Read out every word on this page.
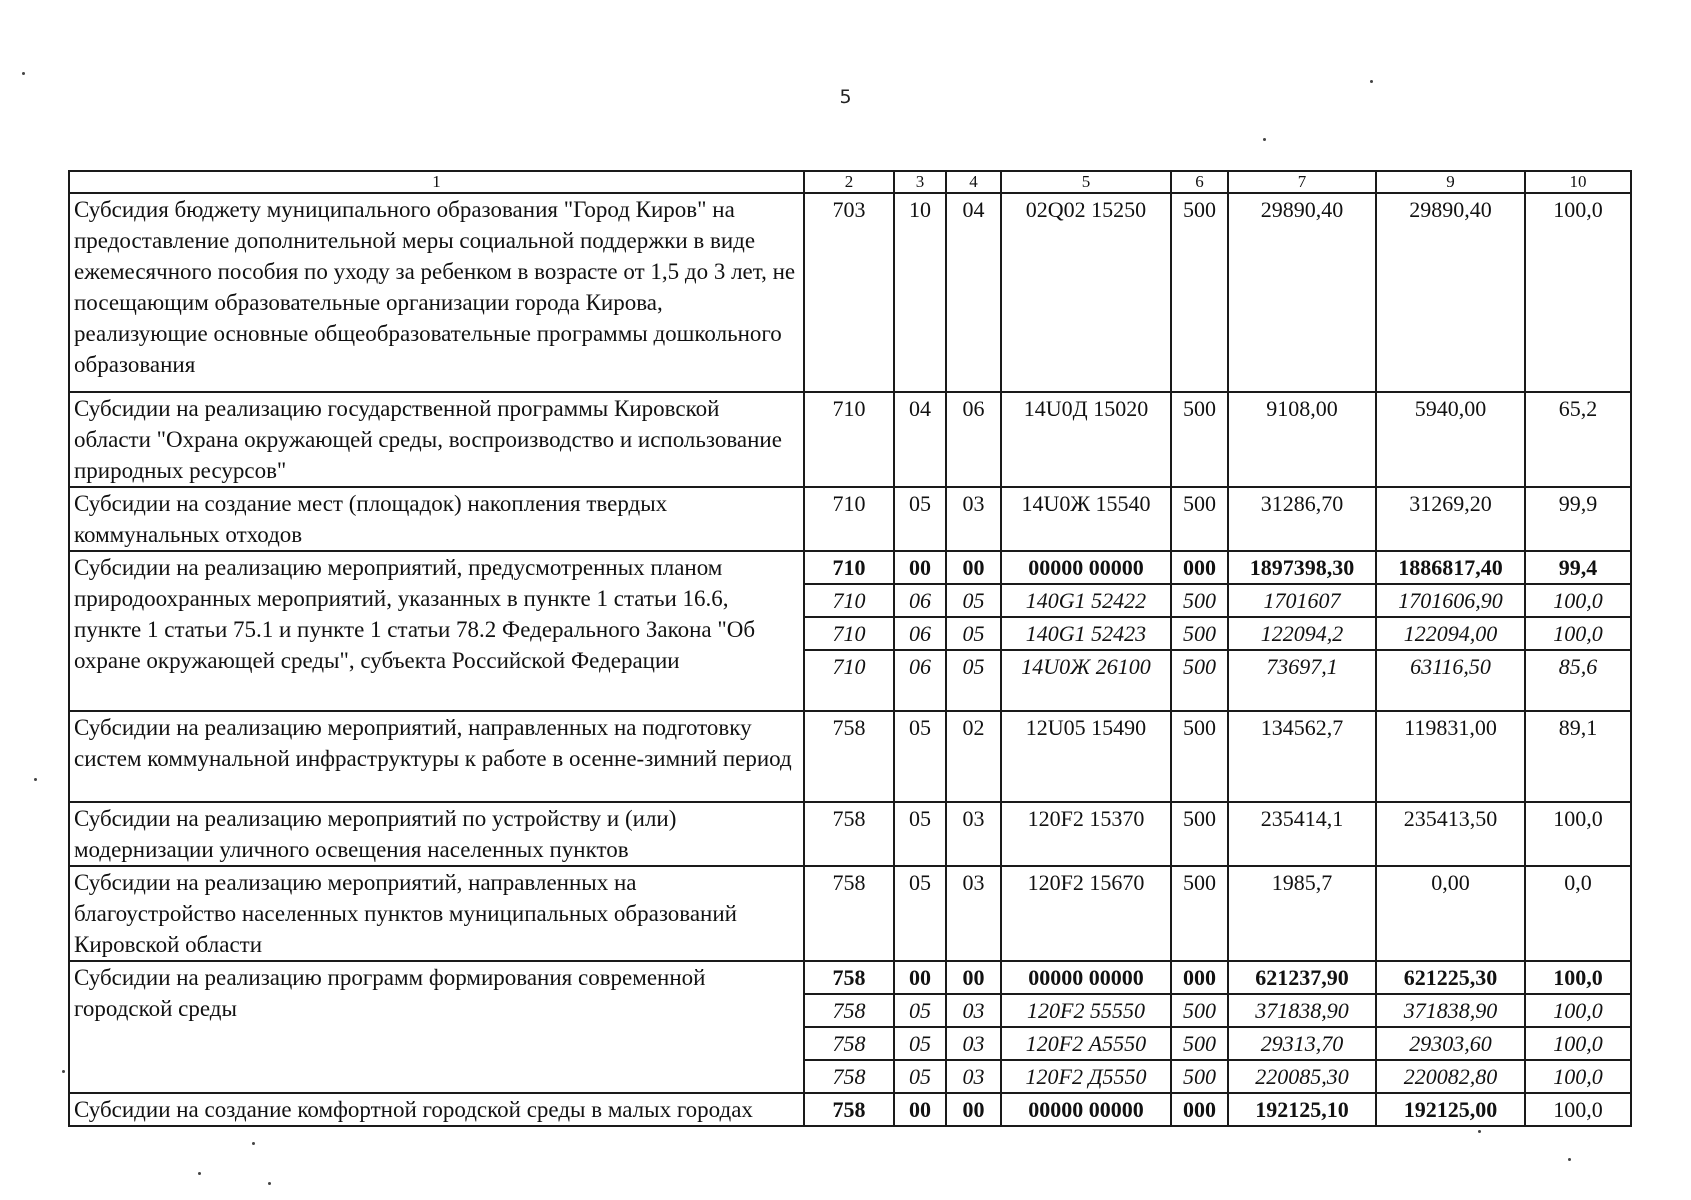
5
1	2	3	4	5	6	7	9	10
Субсидия бюджету муниципального образования "Город Киров" на предоставление дополнительной меры социальной поддержки в виде ежемесячного пособия по уходу за ребенком в возрасте от 1,5 до 3 лет, не посещающим образовательные организации города Кирова, реализующие основные общеобразовательные программы дошкольного образования	703	10	04	02Q02 15250	500	29890,40	29890,40	100,0
Субсидии на реализацию государственной программы Кировской области "Охрана окружающей среды, воспроизводство и использование природных ресурсов"	710	04	06	14U0Д 15020	500	9108,00	5940,00	65,2
Субсидии на создание мест (площадок) накопления твердых коммунальных отходов	710	05	03	14U0Ж 15540	500	31286,70	31269,20	99,9
Субсидии на реализацию мероприятий, предусмотренных планом природоохранных мероприятий, указанных в пункте 1 статьи 16.6, пункте 1 статьи 75.1 и пункте 1 статьи 78.2 Федерального Закона "Об охране окружающей среды", субъекта Российской Федерации	710	00	00	00000 00000	000	1897398,30	1886817,40	99,4
	710	06	05	140G1 52422	500	1701607	1701606,90	100,0
	710	06	05	140G1 52423	500	122094,2	122094,00	100,0
	710	06	05	14U0Ж 26100	500	73697,1	63116,50	85,6
Субсидии на реализацию мероприятий, направленных на подготовку систем коммунальной инфраструктуры к работе в осенне-зимний период	758	05	02	12U05 15490	500	134562,7	119831,00	89,1
Субсидии на реализацию мероприятий по устройству и (или) модернизации уличного освещения населенных пунктов	758	05	03	120F2 15370	500	235414,1	235413,50	100,0
Субсидии на реализацию мероприятий, направленных на благоустройство населенных пунктов муниципальных образований Кировской области	758	05	03	120F2 15670	500	1985,7	0,00	0,0
Субсидии на реализацию программ формирования современной городской среды	758	00	00	00000 00000	000	621237,90	621225,30	100,0
	758	05	03	120F2 55550	500	371838,90	371838,90	100,0
	758	05	03	120F2 А5550	500	29313,70	29303,60	100,0
	758	05	03	120F2 Д5550	500	220085,30	220082,80	100,0
Субсидии на создание комфортной городской среды в малых городах	758	00	00	00000 00000	000	192125,10	192125,00	100,0
